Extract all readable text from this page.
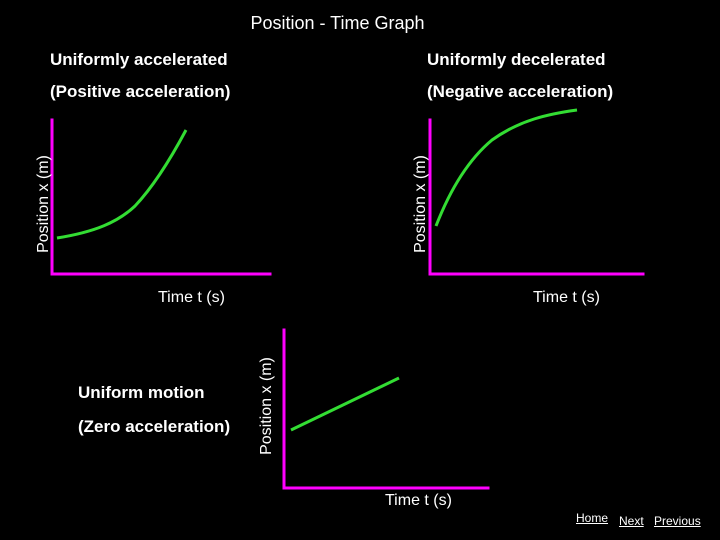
Position - Time Graph
Uniformly accelerated
(Positive acceleration)
Uniformly decelerated
(Negative acceleration)
Uniform motion
(Zero acceleration)
Position x (m)	Position x (m)
Position x (m)
Time t (s)	Time t (s)
Time t (s)
Home Next Previous
